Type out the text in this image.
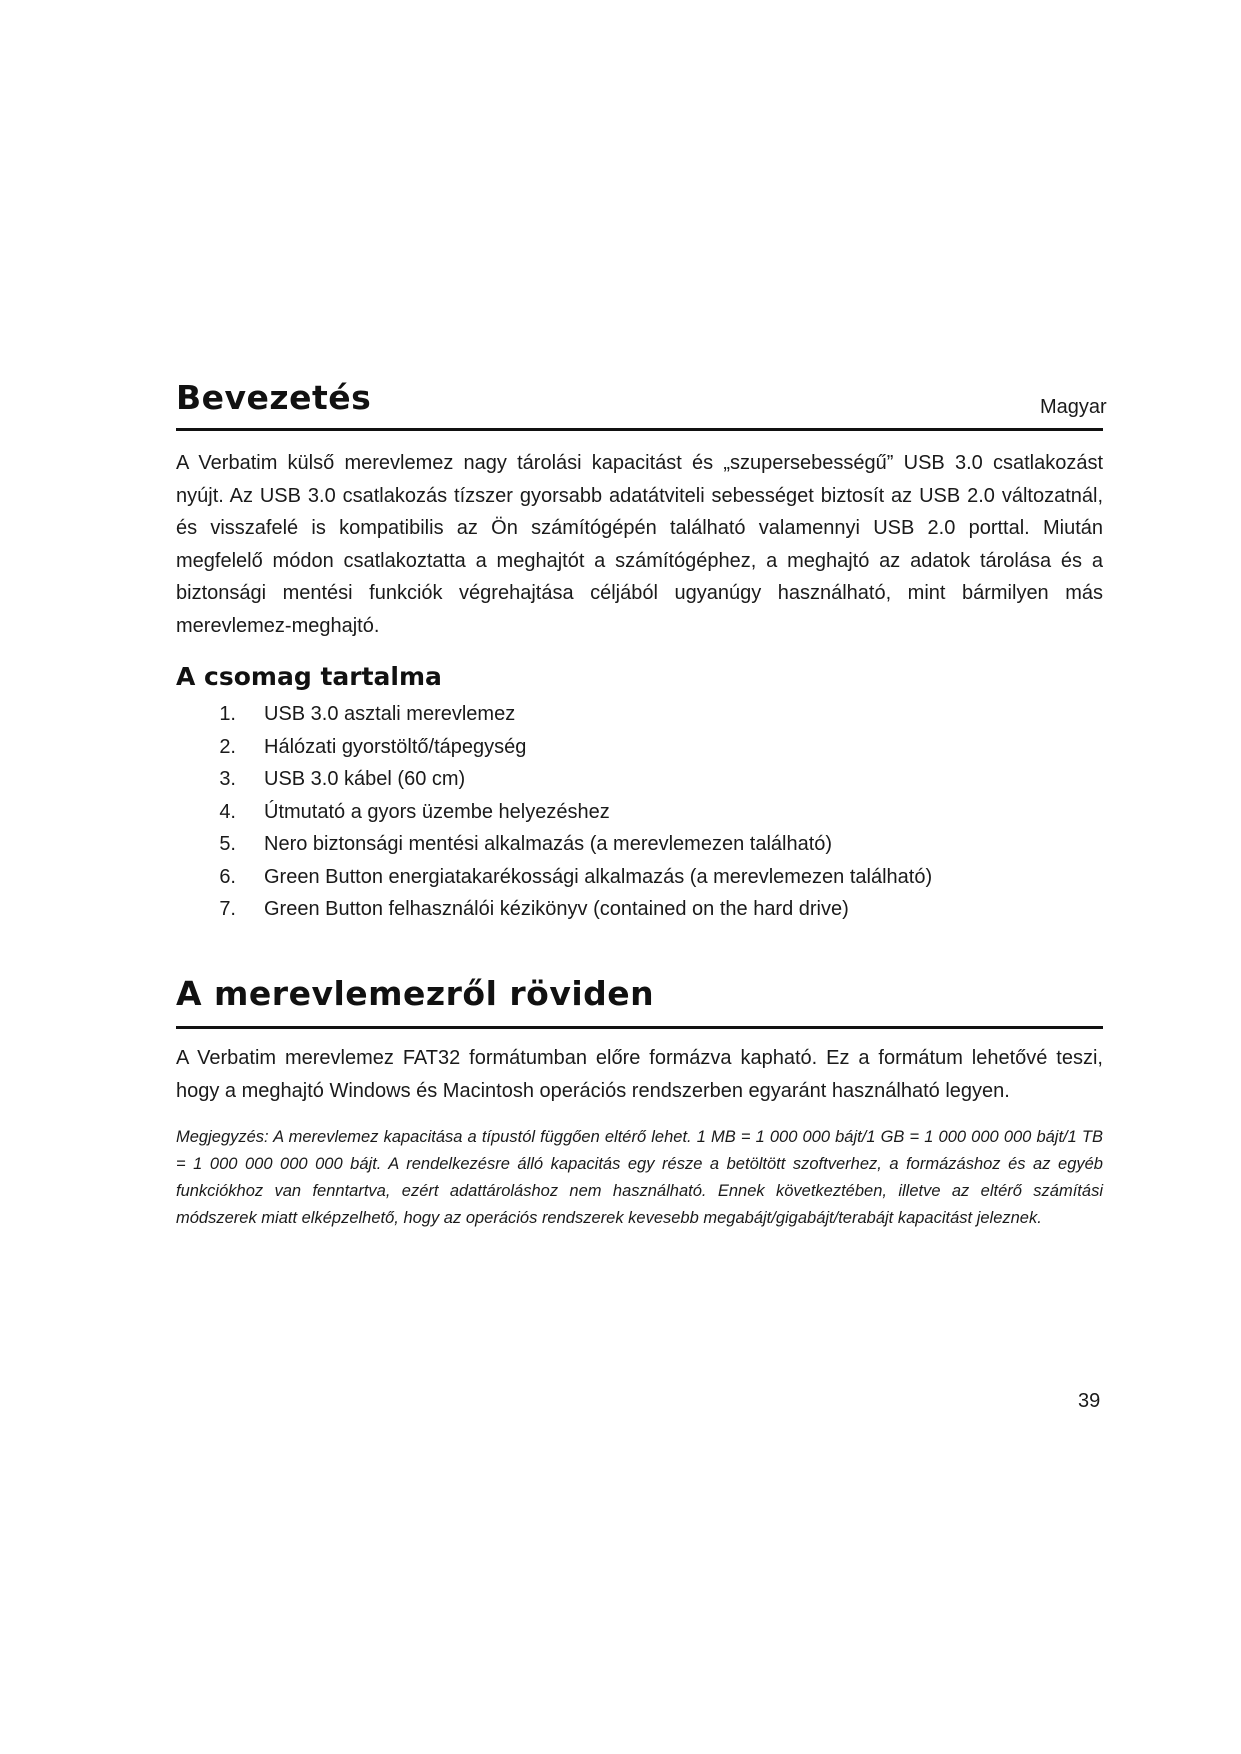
Bevezetés	Magyar

A Verbatim külső merevlemez nagy tárolási kapacitást és „szupersebességű” USB 3.0 csatlakozást nyújt. Az USB 3.0 csatlakozás tízszer gyorsabb adatátviteli sebességet biztosít az USB 2.0 változatnál, és visszafelé is kompatibilis az Ön számítógépén található valamennyi USB 2.0 porttal. Miután megfelelő módon csatlakoztatta a meghajtót a számítógéphez, a meghajtó az adatok tárolása és a biztonsági mentési funkciók végrehajtása céljából ugyanúgy használható, mint bármilyen más merevlemez-meghajtó.

A csomag tartalma
1. USB 3.0 asztali merevlemez
2. Hálózati gyorstöltő/tápegység
3. USB 3.0 kábel (60 cm)
4. Útmutató a gyors üzembe helyezéshez
5. Nero biztonsági mentési alkalmazás (a merevlemezen található)
6. Green Button energiatakarékossági alkalmazás (a merevlemezen található)
7. Green Button felhasználói kézikönyv (contained on the hard drive)
A merevlemezről röviden

A Verbatim merevlemez FAT32 formátumban előre formázva kapható. Ez a formátum lehetővé teszi, hogy a meghajtó Windows és Macintosh operációs rendszerben egyaránt használható legyen.

Megjegyzés: A merevlemez kapacitása a típustól függően eltérő lehet. 1 MB = 1 000 000 bájt/1 GB = 1 000 000 000 bájt/1 TB = 1 000 000 000 000 bájt. A rendelkezésre álló kapacitás egy része a betöltött szoftverhez, a formázáshoz és az egyéb funkciókhoz van fenntartva, ezért adattároláshoz nem használható. Ennek következtében, illetve az eltérő számítási módszerek miatt elképzelhető, hogy az operációs rendszerek kevesebb megabájt/gigabájt/terabájt kapacitást jeleznek.

39
